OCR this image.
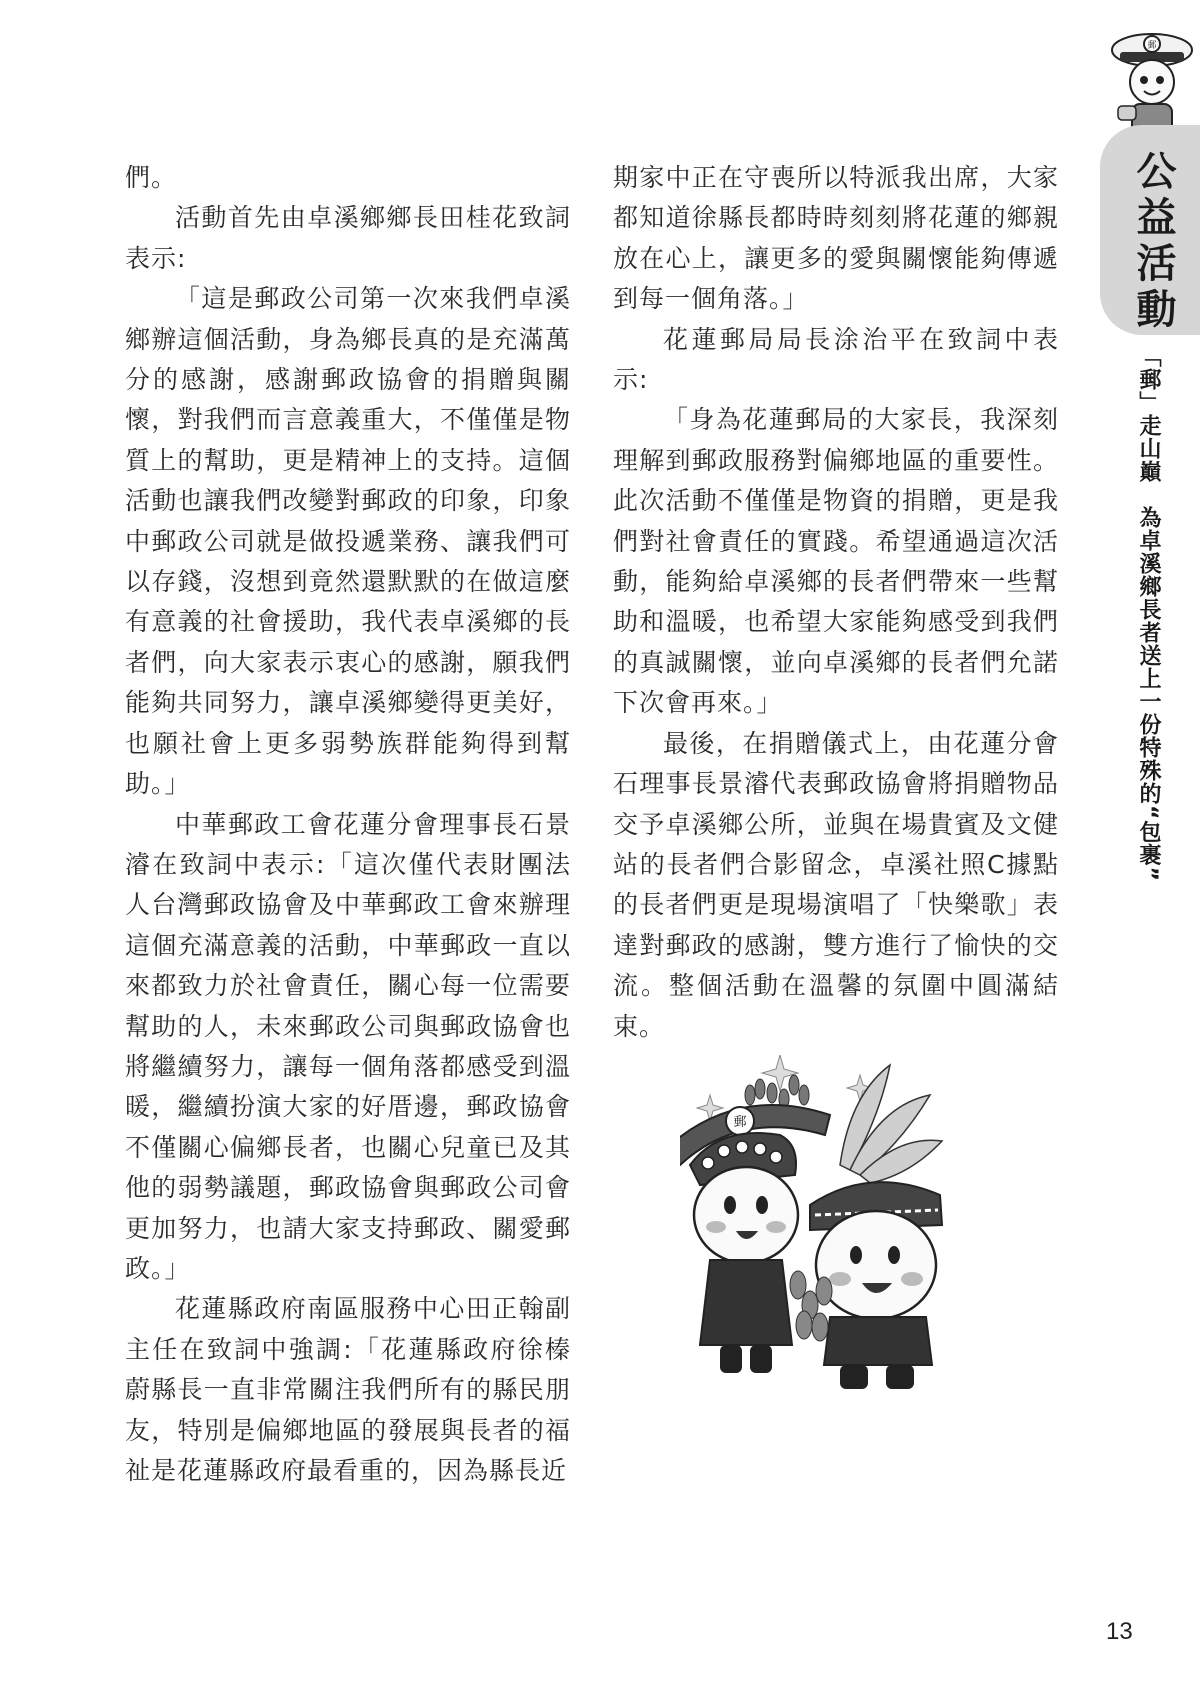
郵
公益活動
「郵」走山巔　為卓溪鄉長者送上一份特殊的“包裹”

們。

活動首先由卓溪鄉鄉長田桂花致詞表示:

「這是郵政公司第一次來我們卓溪鄉辦這個活動，身為鄉長真的是充滿萬分的感謝，感謝郵政協會的捐贈與關懷，對我們而言意義重大，不僅僅是物質上的幫助，更是精神上的支持。這個活動也讓我們改變對郵政的印象，印象中郵政公司就是做投遞業務、讓我們可以存錢，沒想到竟然還默默的在做這麼有意義的社會援助，我代表卓溪鄉的長者們，向大家表示衷心的感謝，願我們能夠共同努力，讓卓溪鄉變得更美好，也願社會上更多弱勢族群能夠得到幫助。」

中華郵政工會花蓮分會理事長石景濬在致詞中表示:「這次僅代表財團法人台灣郵政協會及中華郵政工會來辦理這個充滿意義的活動，中華郵政一直以來都致力於社會責任，關心每一位需要幫助的人，未來郵政公司與郵政協會也將繼續努力，讓每一個角落都感受到溫暖，繼續扮演大家的好厝邊，郵政協會不僅關心偏鄉長者，也關心兒童已及其他的弱勢議題，郵政協會與郵政公司會更加努力，也請大家支持郵政、關愛郵政。」

花蓮縣政府南區服務中心田正翰副主任在致詞中強調:「花蓮縣政府徐榛蔚縣長一直非常關注我們所有的縣民朋友，特別是偏鄉地區的發展與長者的福祉是花蓮縣政府最看重的，因為縣長近

期家中正在守喪所以特派我出席，大家都知道徐縣長都時時刻刻將花蓮的鄉親放在心上，讓更多的愛與關懷能夠傳遞到每一個角落。」

花蓮郵局局長涂治平在致詞中表示:

「身為花蓮郵局的大家長，我深刻理解到郵政服務對偏鄉地區的重要性。此次活動不僅僅是物資的捐贈，更是我們對社會責任的實踐。希望通過這次活動，能夠給卓溪鄉的長者們帶來一些幫助和溫暖，也希望大家能夠感受到我們的真誠關懷，並向卓溪鄉的長者們允諾下次會再來。」

最後，在捐贈儀式上，由花蓮分會石理事長景濬代表郵政協會將捐贈物品交予卓溪鄉公所，並與在場貴賓及文健站的長者們合影留念，卓溪社照C據點的長者們更是現場演唱了「快樂歌」表達對郵政的感謝，雙方進行了愉快的交流。整個活動在溫馨的氛圍中圓滿結束。

郵
13
